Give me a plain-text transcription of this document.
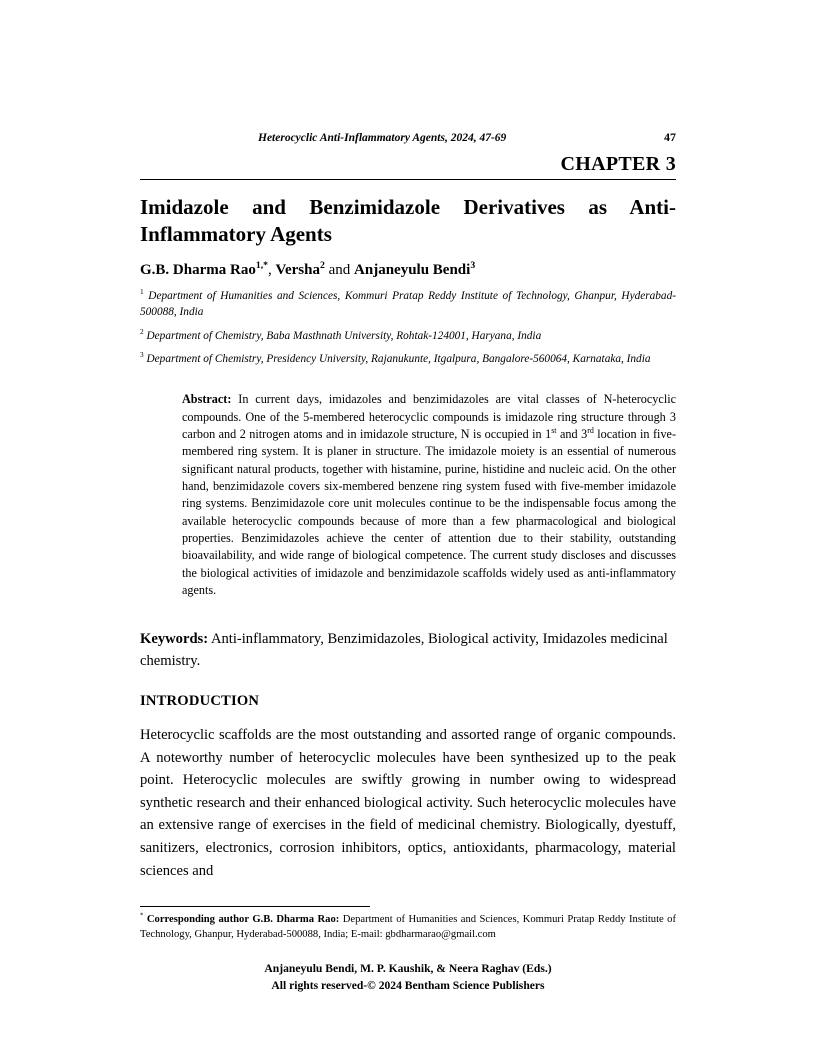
Heterocyclic Anti-Inflammatory Agents, 2024, 47-69	47
CHAPTER 3
Imidazole and Benzimidazole Derivatives as Anti-Inflammatory Agents
G.B. Dharma Rao$^{1,*}$, Versha$^2$ and Anjaneyulu Bendi$^3$

$^1$ Department of Humanities and Sciences, Kommuri Pratap Reddy Institute of Technology, Ghanpur, Hyderabad-500088, India

$^2$ Department of Chemistry, Baba Masthnath University, Rohtak-124001, Haryana, India

$^3$ Department of Chemistry, Presidency University, Rajanukunte, Itgalpura, Bangalore-560064, Karnataka, India

Abstract: In current days, imidazoles and benzimidazoles are vital classes of N-heterocyclic compounds. One of the 5-membered heterocyclic compounds is imidazole ring structure through 3 carbon and 2 nitrogen atoms and in imidazole structure, N is occupied in 1st and 3rd location in five-membered ring system. It is planer in structure. The imidazole moiety is an essential of numerous significant natural products, together with histamine, purine, histidine and nucleic acid. On the other hand, benzimidazole covers six-membered benzene ring system fused with five-member imidazole ring systems. Benzimidazole core unit molecules continue to be the indispensable focus among the available heterocyclic compounds because of more than a few pharmacological and biological properties. Benzimidazoles achieve the center of attention due to their stability, outstanding bioavailability, and wide range of biological competence. The current study discloses and discusses the biological activities of imidazole and benzimidazole scaffolds widely used as anti-inflammatory agents.
Keywords: Anti-inflammatory, Benzimidazoles, Biological activity, Imidazoles medicinal chemistry.
INTRODUCTION

Heterocyclic scaffolds are the most outstanding and assorted range of organic compounds. A noteworthy number of heterocyclic molecules have been synthesized up to the peak point. Heterocyclic molecules are swiftly growing in number owing to widespread synthetic research and their enhanced biological activity. Such heterocyclic molecules have an extensive range of exercises in the field of medicinal chemistry. Biologically, dyestuff, sanitizers, electronics, corrosion inhibitors, optics, antioxidants, pharmacology, material sciences and

* Corresponding author G.B. Dharma Rao: Department of Humanities and Sciences, Kommuri Pratap Reddy Institute of Technology, Ghanpur, Hyderabad-500088, India; E-mail: gbdharmarao@gmail.com
Anjaneyulu Bendi, M. P. Kaushik, & Neera Raghav (Eds.)
All rights reserved-© 2024 Bentham Science Publishers
